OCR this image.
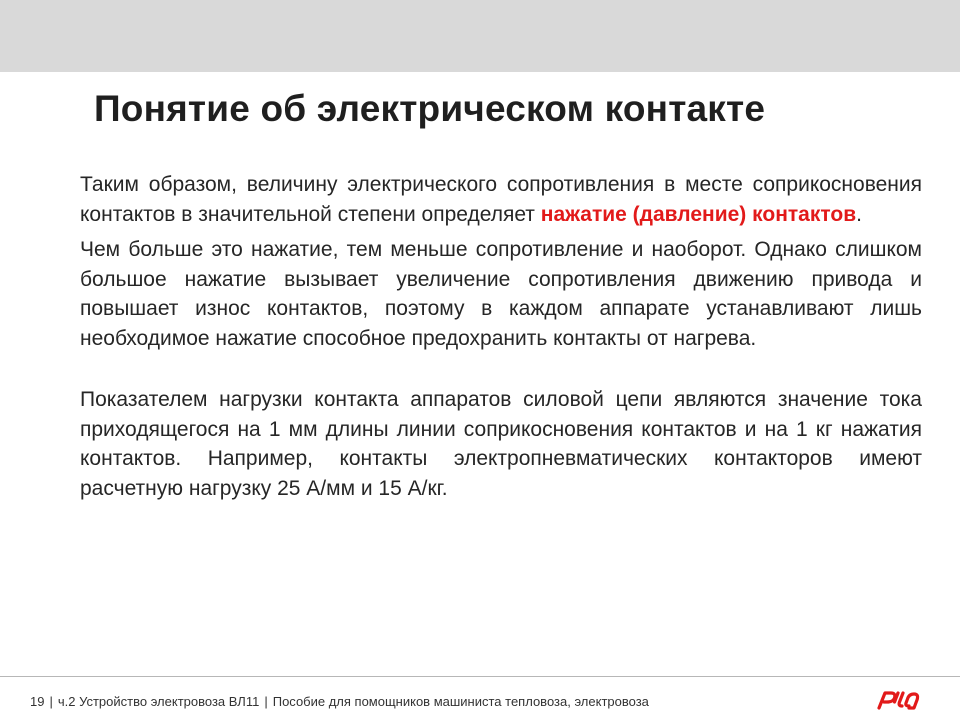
Понятие об электрическом контакте

Таким образом, величину электрического сопротивления в месте соприкосновения контактов в значительной степени определяет нажатие (давление) контактов.

Чем больше это нажатие, тем меньше сопротивление и наоборот. Однако слишком большое нажатие вызывает увеличение сопротивления движению привода и повышает износ контактов, поэтому в каждом аппарате устанавливают лишь необходимое нажатие способное предохранить контакты от нагрева.

Показателем нагрузки контакта аппаратов силовой цепи являются значение тока приходящегося на 1 мм длины линии соприкосновения контактов и на 1 кг нажатия контактов. Например, контакты электропневматических контакторов имеют расчетную нагрузку 25 А/мм и 15 А/кг.

19 | ч.2 Устройство электровоза ВЛ11 | Пособие для помощников машиниста тепловоза, электровоза
